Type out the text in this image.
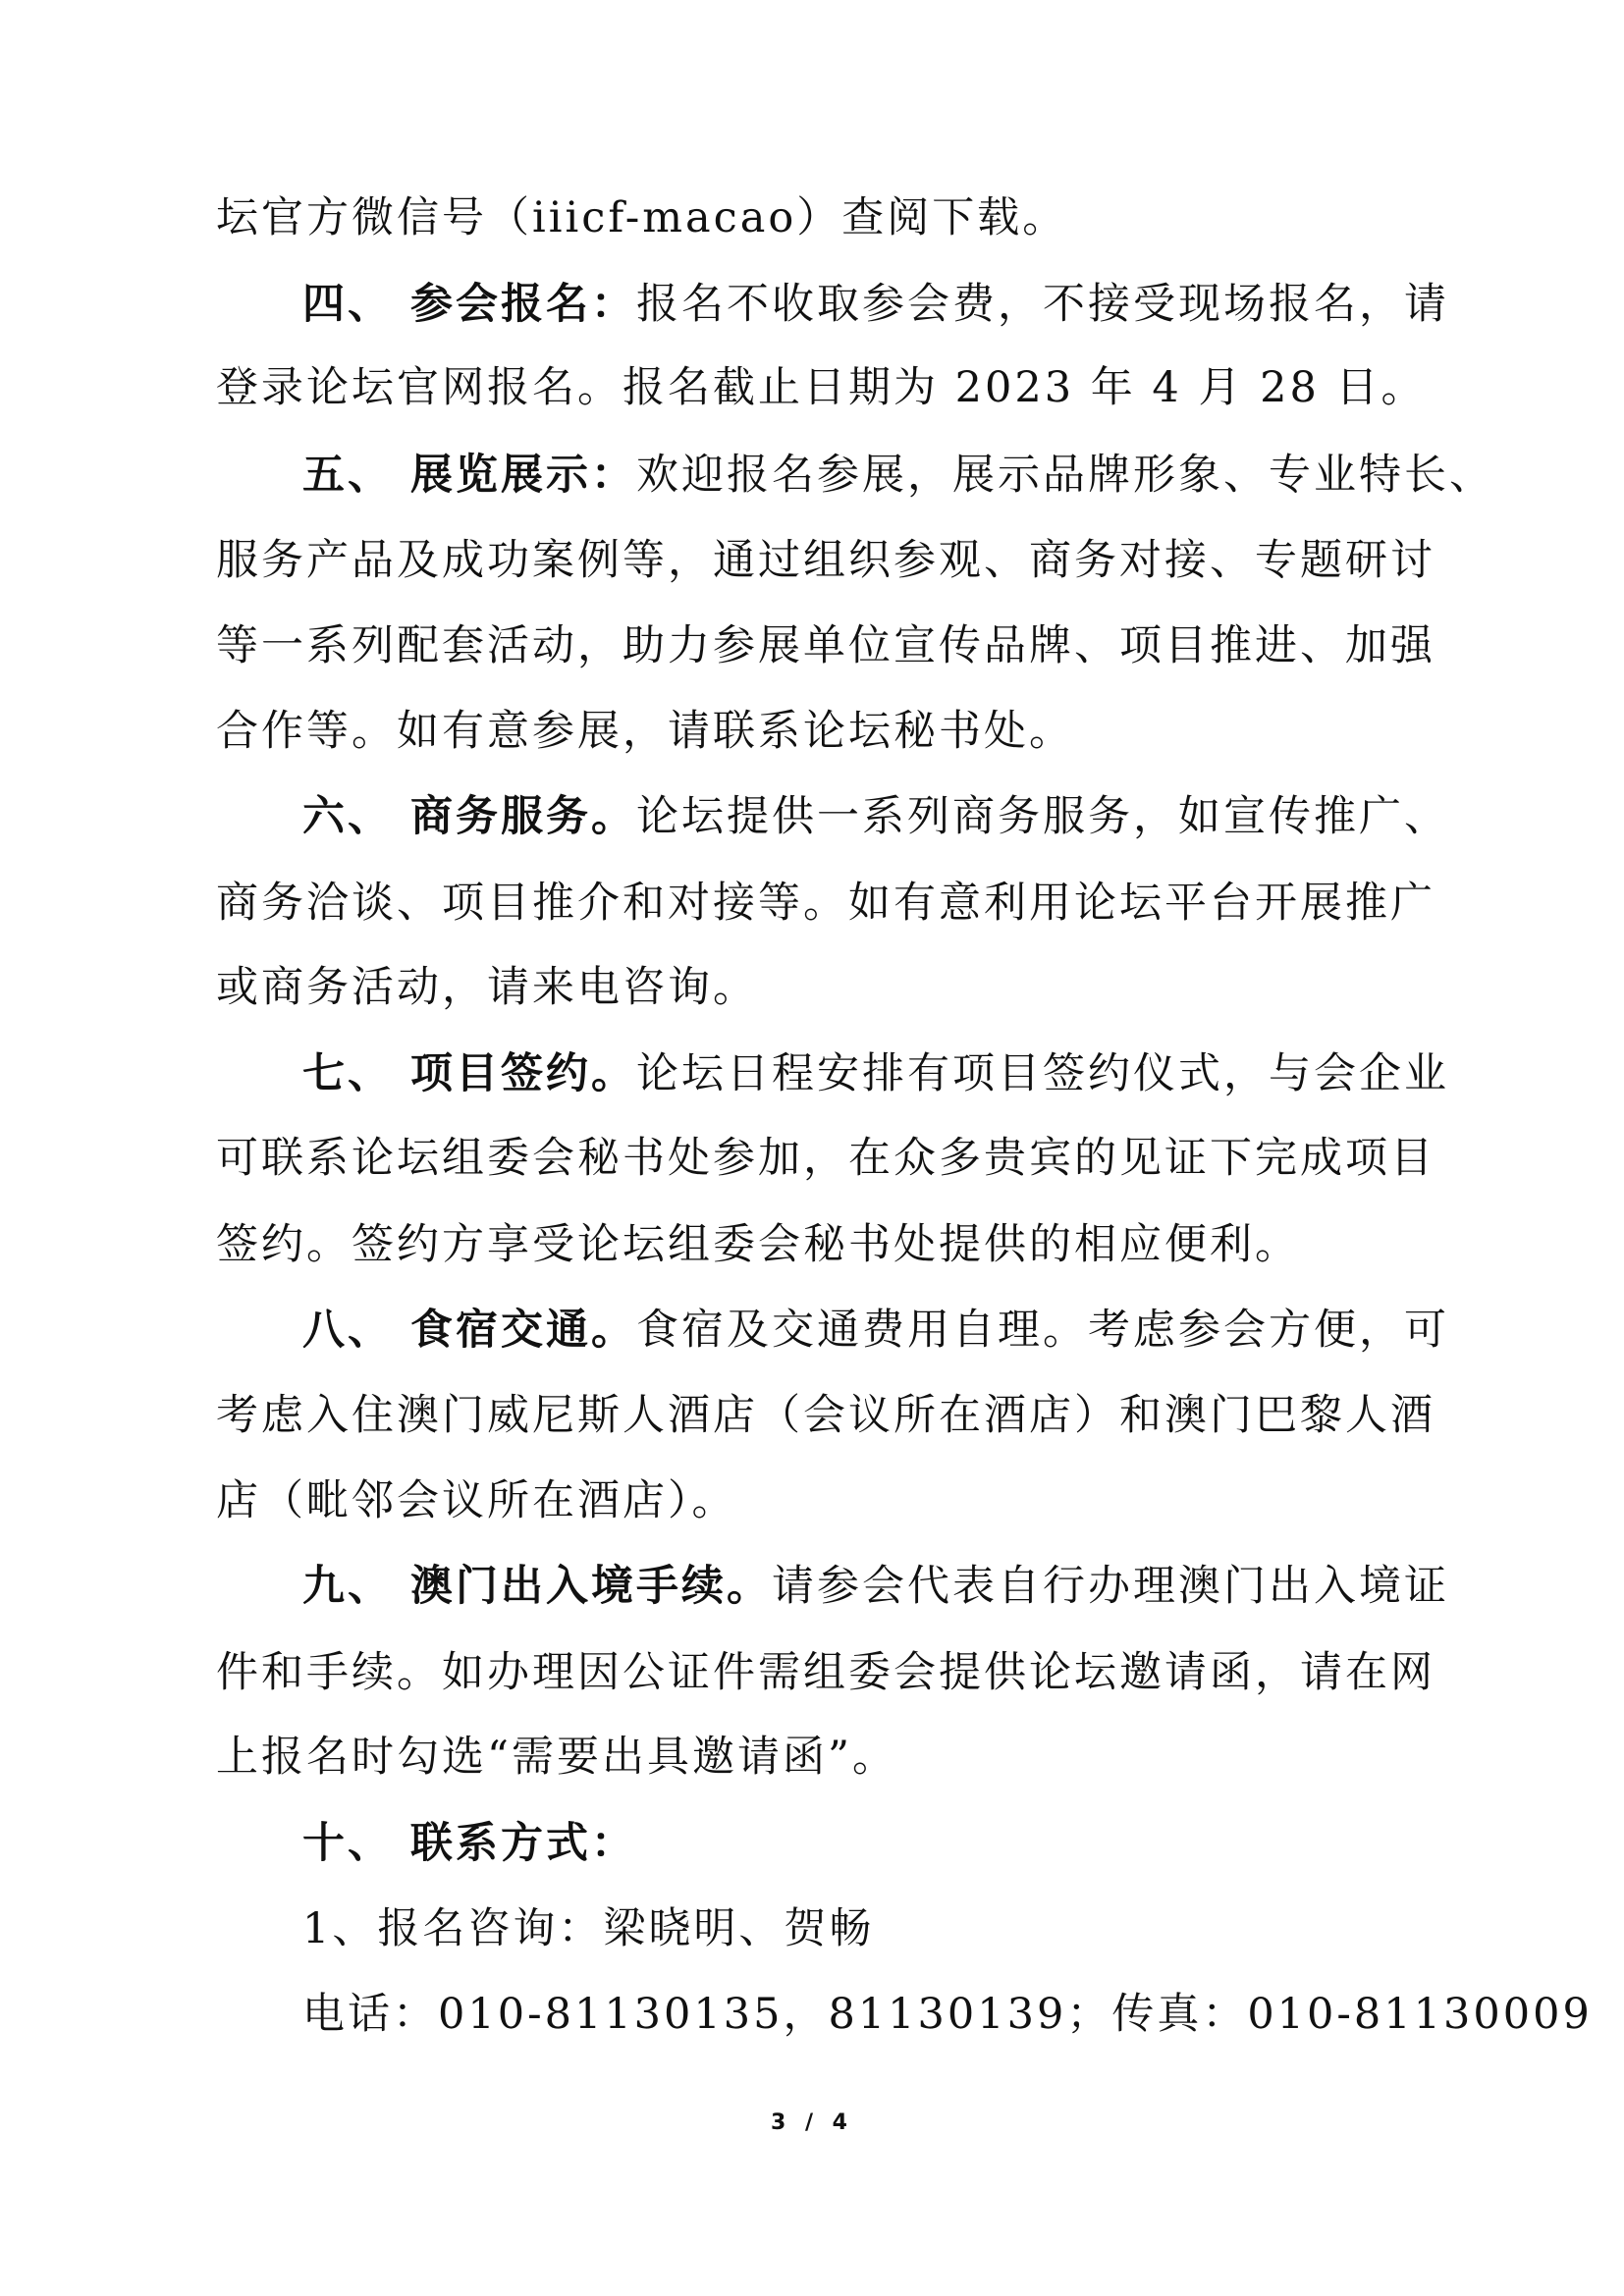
坛官方微信号（iiicf-macao）查阅下载。
四、 参会报名：报名不收取参会费，不接受现场报名，请
登录论坛官网报名。报名截止日期为 2023 年 4 月 28 日。
五、 展览展示：欢迎报名参展，展示品牌形象、专业特长、
服务产品及成功案例等，通过组织参观、商务对接、专题研讨
等一系列配套活动，助力参展单位宣传品牌、项目推进、加强
合作等。如有意参展，请联系论坛秘书处。
六、 商务服务。论坛提供一系列商务服务，如宣传推广、
商务洽谈、项目推介和对接等。如有意利用论坛平台开展推广
或商务活动，请来电咨询。
七、 项目签约。论坛日程安排有项目签约仪式，与会企业
可联系论坛组委会秘书处参加，在众多贵宾的见证下完成项目
签约。签约方享受论坛组委会秘书处提供的相应便利。
八、 食宿交通。食宿及交通费用自理。考虑参会方便，可
考虑入住澳门威尼斯人酒店（会议所在酒店）和澳门巴黎人酒
店（毗邻会议所在酒店）。
九、 澳门出入境手续。请参会代表自行办理澳门出入境证
件和手续。如办理因公证件需组委会提供论坛邀请函，请在网
上报名时勾选“需要出具邀请函”。
十、 联系方式：
1、报名咨询：梁晓明、贺畅
电话：010-81130135，81130139；传真：010-81130009
3 / 4
